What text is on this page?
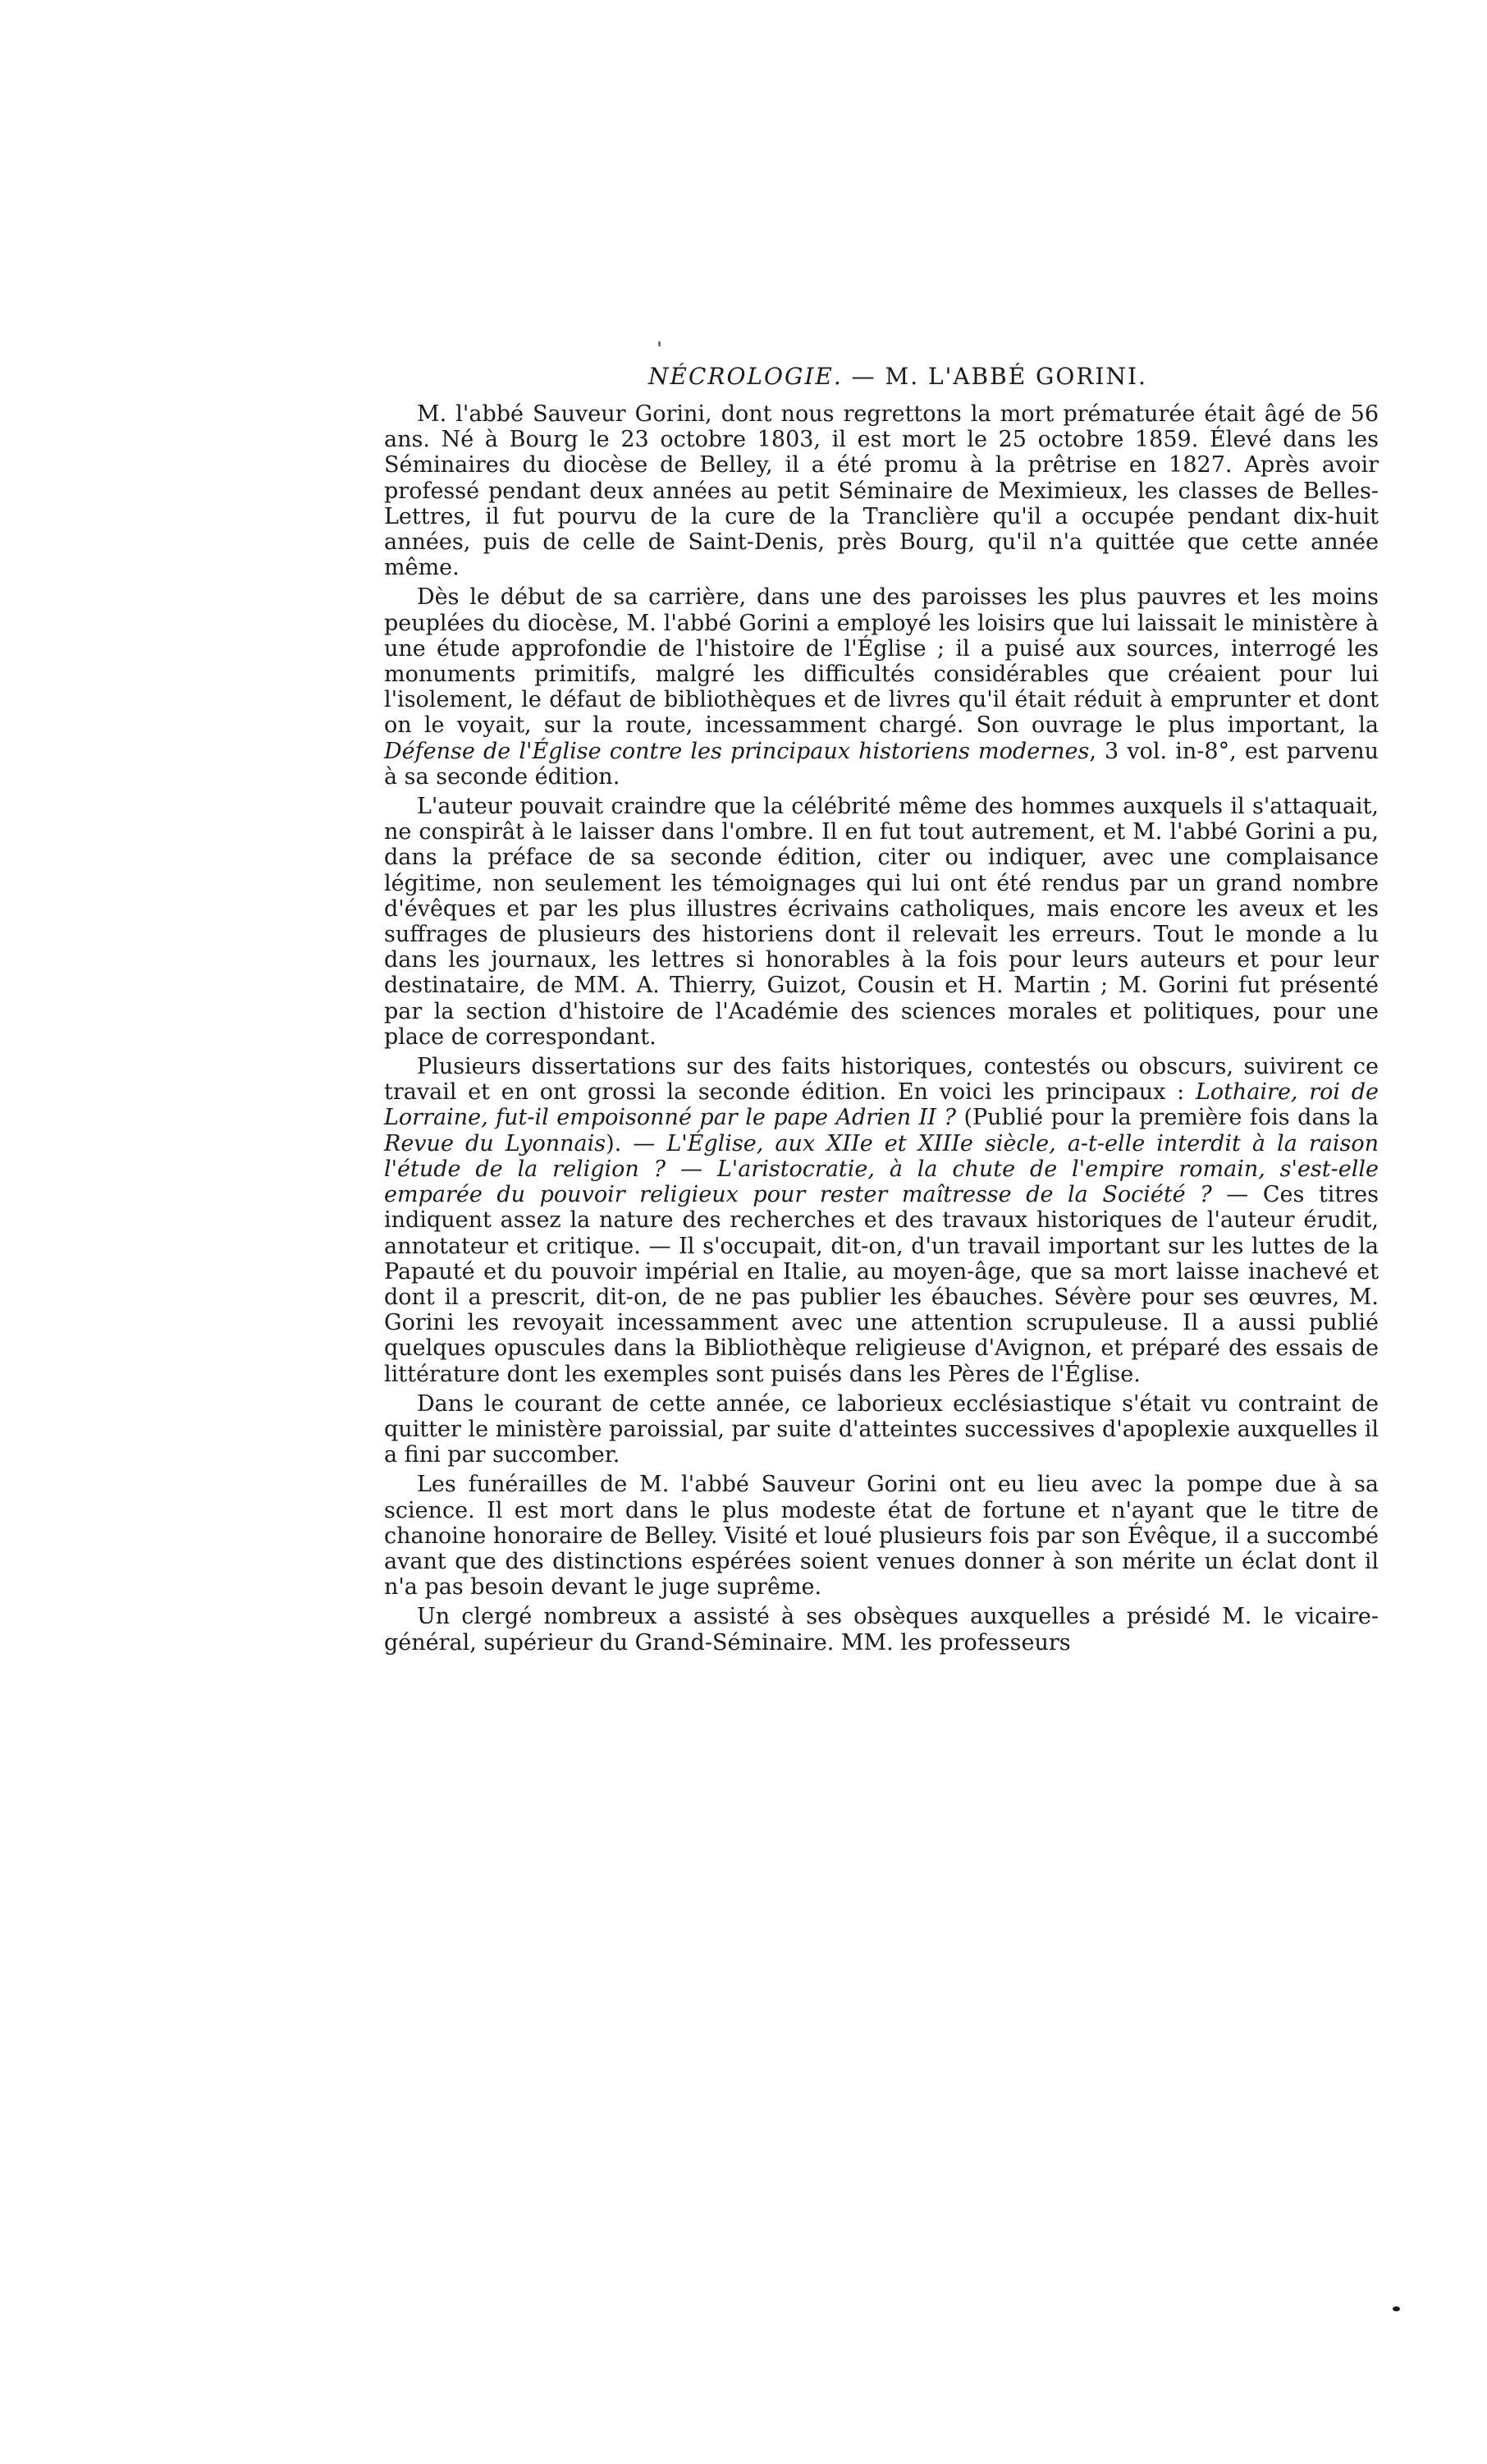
NÉCROLOGIE. — M. L'ABBÉ GORINI.

M. l'abbé Sauveur Gorini, dont nous regrettons la mort prématurée était âgé de 56 ans. Né à Bourg le 23 octobre 1803, il est mort le 25 octobre 1859. Élevé dans les Séminaires du diocèse de Belley, il a été promu à la prêtrise en 1827. Après avoir professé pendant deux années au petit Séminaire de Meximieux, les classes de Belles-Lettres, il fut pourvu de la cure de la Tranclière qu'il a occupée pendant dix-huit années, puis de celle de Saint-Denis, près Bourg, qu'il n'a quittée que cette année même.

Dès le début de sa carrière, dans une des paroisses les plus pauvres et les moins peuplées du diocèse, M. l'abbé Gorini a employé les loisirs que lui laissait le ministère à une étude approfondie de l'histoire de l'Église ; il a puisé aux sources, interrogé les monuments primitifs, malgré les difficultés considérables que créaient pour lui l'isolement, le défaut de bibliothèques et de livres qu'il était réduit à emprunter et dont on le voyait, sur la route, incessamment chargé. Son ouvrage le plus important, la Défense de l'Église contre les principaux historiens modernes, 3 vol. in-8°, est parvenu à sa seconde édition.

L'auteur pouvait craindre que la célébrité même des hommes auxquels il s'attaquait, ne conspirât à le laisser dans l'ombre. Il en fut tout autrement, et M. l'abbé Gorini a pu, dans la préface de sa seconde édition, citer ou indiquer, avec une complaisance légitime, non seulement les témoignages qui lui ont été rendus par un grand nombre d'évêques et par les plus illustres écrivains catholiques, mais encore les aveux et les suffrages de plusieurs des historiens dont il relevait les erreurs. Tout le monde a lu dans les journaux, les lettres si honorables à la fois pour leurs auteurs et pour leur destinataire, de MM. A. Thierry, Guizot, Cousin et H. Martin ; M. Gorini fut présenté par la section d'histoire de l'Académie des sciences morales et politiques, pour une place de correspondant.

Plusieurs dissertations sur des faits historiques, contestés ou obscurs, suivirent ce travail et en ont grossi la seconde édition. En voici les principaux : Lothaire, roi de Lorraine, fut-il empoisonné par le pape Adrien II ? (Publié pour la première fois dans la Revue du Lyonnais). — L'Église, aux XIIe et XIIIe siècle, a-t-elle interdit à la raison l'étude de la religion ? — L'aristocratie, à la chute de l'empire romain, s'est-elle emparée du pouvoir religieux pour rester maîtresse de la Société ? — Ces titres indiquent assez la nature des recherches et des travaux historiques de l'auteur érudit, annotateur et critique. — Il s'occupait, dit-on, d'un travail important sur les luttes de la Papauté et du pouvoir impérial en Italie, au moyen-âge, que sa mort laisse inachevé et dont il a prescrit, dit-on, de ne pas publier les ébauches. Sévère pour ses œuvres, M. Gorini les revoyait incessamment avec une attention scrupuleuse. Il a aussi publié quelques opuscules dans la Bibliothèque religieuse d'Avignon, et préparé des essais de littérature dont les exemples sont puisés dans les Pères de l'Église.

Dans le courant de cette année, ce laborieux ecclésiastique s'était vu contraint de quitter le ministère paroissial, par suite d'atteintes successives d'apoplexie auxquelles il a fini par succomber.

Les funérailles de M. l'abbé Sauveur Gorini ont eu lieu avec la pompe due à sa science. Il est mort dans le plus modeste état de fortune et n'ayant que le titre de chanoine honoraire de Belley. Visité et loué plusieurs fois par son Évêque, il a succombé avant que des distinctions espérées soient venues donner à son mérite un éclat dont il n'a pas besoin devant le juge suprême.

Un clergé nombreux a assisté à ses obsèques auxquelles a présidé M. le vicaire-général, supérieur du Grand-Séminaire. MM. les professeurs
